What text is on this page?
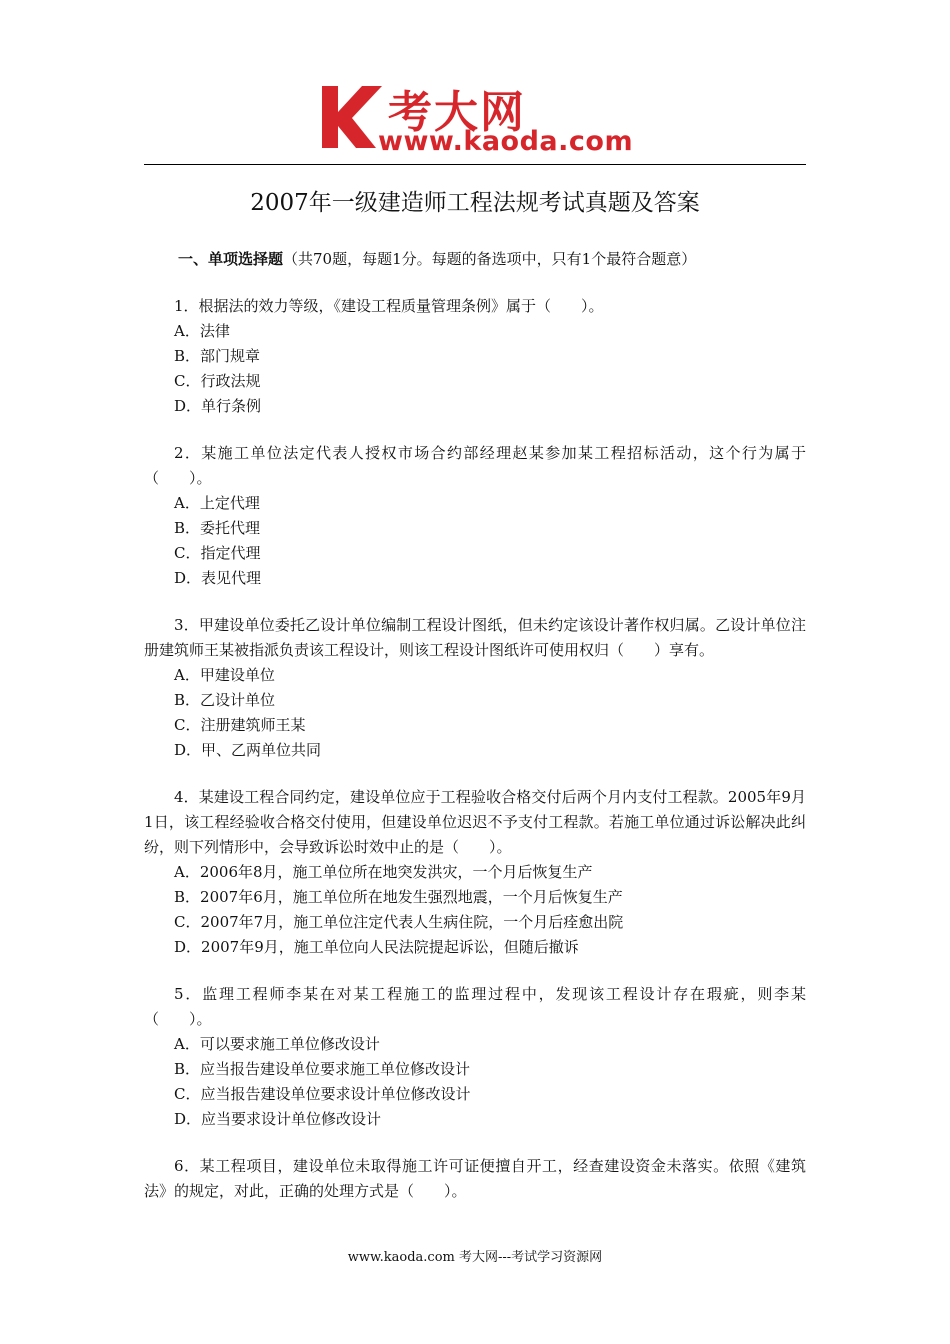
考大网
www.kaoda.com
2007年一级建造师工程法规考试真题及答案
一、单项选择题（共70题，每题1分。每题的备选项中，只有1个最符合题意）
1．根据法的效力等级，《建设工程质量管理条例》属于（　　）。
A．法律
B．部门规章
C．行政法规
D．单行条例
2．某施工单位法定代表人授权市场合约部经理赵某参加某工程招标活动，这个行为属于（　　）。
A．上定代理
B．委托代理
C．指定代理
D．表见代理
3．甲建设单位委托乙设计单位编制工程设计图纸，但未约定该设计著作权归属。乙设计单位注册建筑师王某被指派负责该工程设计，则该工程设计图纸许可使用权归（　　）享有。
A．甲建设单位
B．乙设计单位
C．注册建筑师王某
D．甲、乙两单位共同
4．某建设工程合同约定，建设单位应于工程验收合格交付后两个月内支付工程款。2005年9月1日，该工程经验收合格交付使用，但建设单位迟迟不予支付工程款。若施工单位通过诉讼解决此纠纷，则下列情形中，会导致诉讼时效中止的是（　　）。
A．2006年8月，施工单位所在地突发洪灾，一个月后恢复生产
B．2007年6月，施工单位所在地发生强烈地震，一个月后恢复生产
C．2007年7月，施工单位注定代表人生病住院，一个月后痊愈出院
D．2007年9月，施工单位向人民法院提起诉讼，但随后撤诉
5．监理工程师李某在对某工程施工的监理过程中，发现该工程设计存在瑕疵，则李某（　　）。
A．可以要求施工单位修改设计
B．应当报告建设单位要求施工单位修改设计
C．应当报告建设单位要求设计单位修改设计
D．应当要求设计单位修改设计
6．某工程项目，建设单位未取得施工许可证便擅自开工，经查建设资金未落实。依照《建筑法》的规定，对此，正确的处理方式是（　　）。
www.kaoda.com 考大网---考试学习资源网
